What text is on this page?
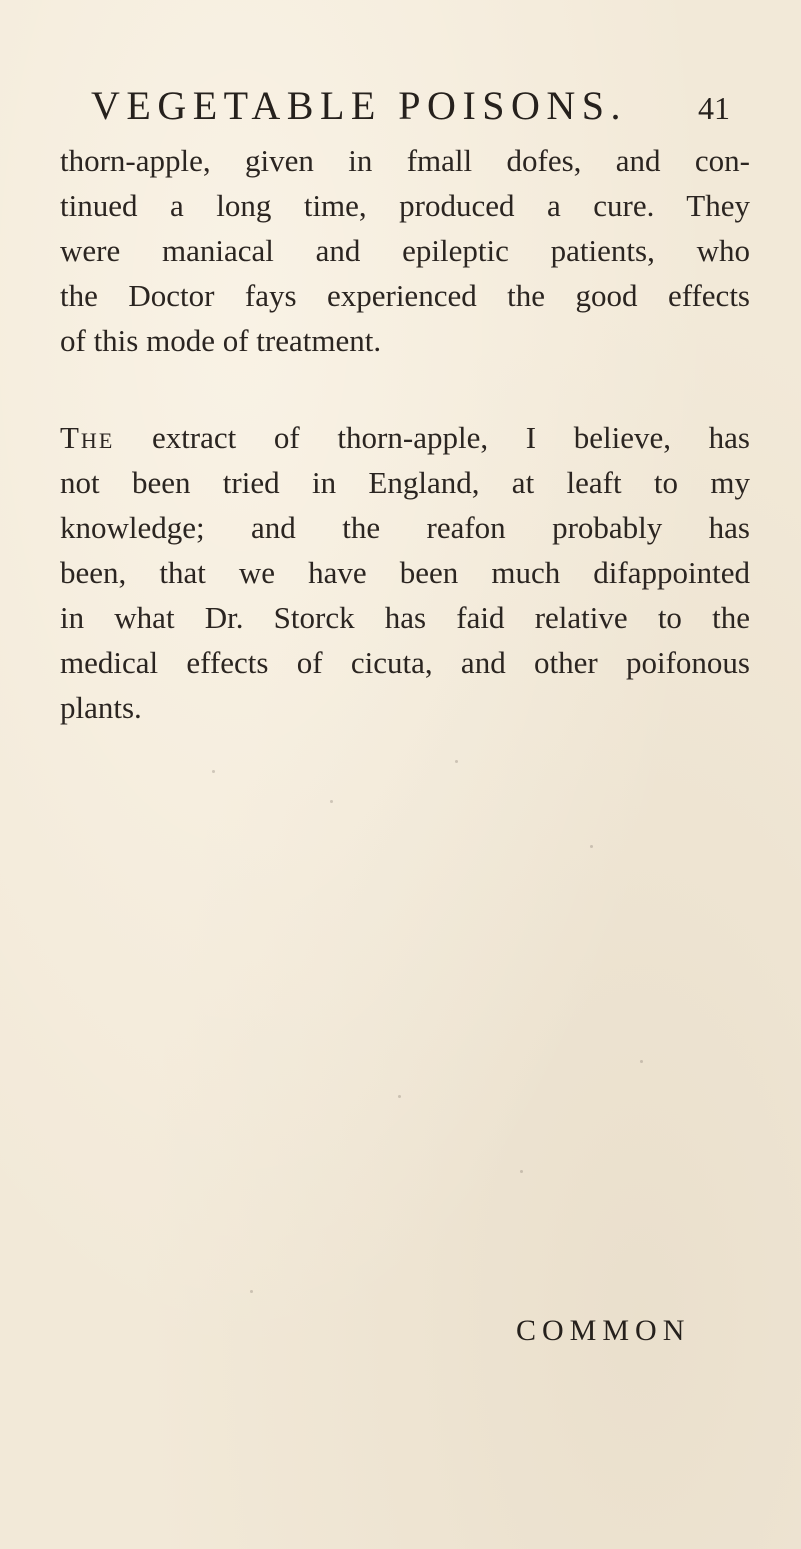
VEGETABLE POISONS. 41
thorn-apple, given in fmall dofes, and con-
tinued a long time, produced a cure. They
were maniacal and epileptic patients, who
the Doctor fays experienced the good effects
of this mode of treatment.
The extract of thorn-apple, I believe, has
not been tried in England, at leaft to my
knowledge; and the reafon probably has
been, that we have been much difappointed
in what Dr. Storck has faid relative to the
medical effects of cicuta, and other poifonous
plants.
COMMON
